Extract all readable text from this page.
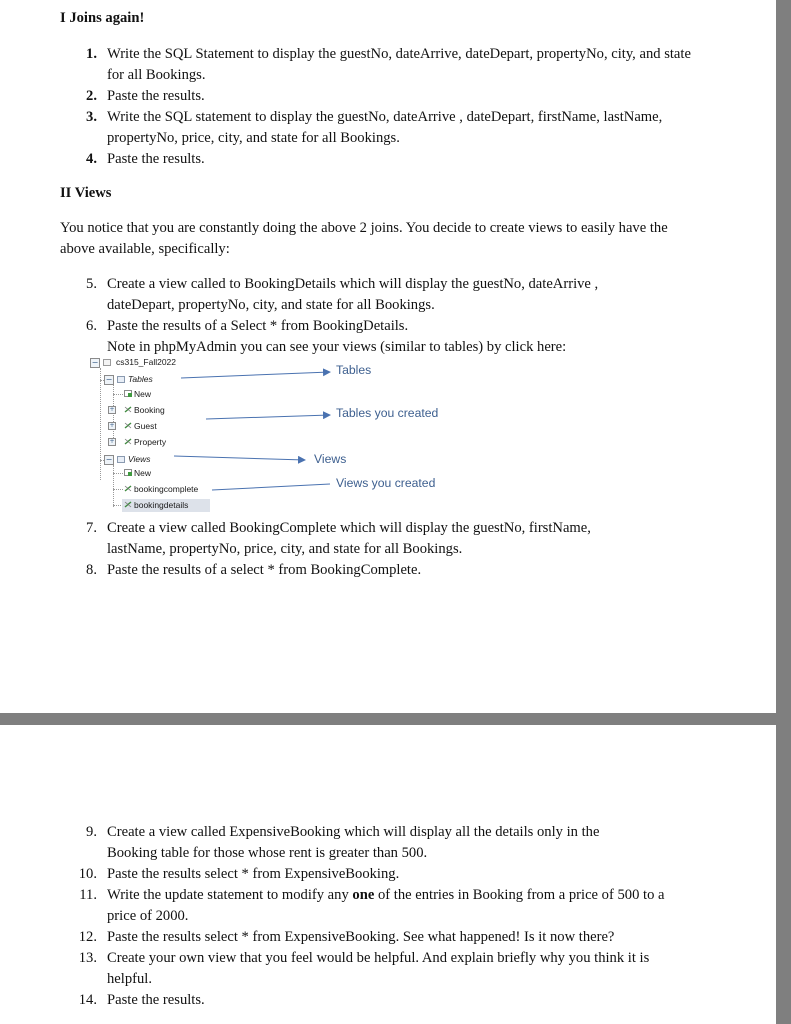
I Joins again!
1. Write the SQL Statement to display the guestNo, dateArrive, dateDepart, propertyNo, city, and state for all Bookings.
2. Paste the results.
3. Write the SQL statement to display the guestNo, dateArrive , dateDepart, firstName, lastName, propertyNo, price, city, and state for all Bookings.
4. Paste the results.
II Views
You notice that you are constantly doing the above 2 joins. You decide to create views to easily have the above available, specifically:
5. Create a view called to BookingDetails which will display the guestNo, dateArrive , dateDepart, propertyNo, city, and state for all Bookings.
6. Paste the results of a Select * from BookingDetails.
Note in phpMyAdmin you can see your views (similar to tables) by click here:
− cs315_Fall2022
− Tables
New
+ Booking
+ Guest
+ Property
− Views
New
bookingcomplete
bookingdetails
Tables
Tables you created
Views
Views you created
7. Create a view called BookingComplete which will display the guestNo, firstName, lastName, propertyNo, price, city, and state for all Bookings.
8. Paste the results of a select * from BookingComplete.
9. Create a view called ExpensiveBooking which will display all the details only in the Booking table for those whose rent is greater than 500.
10. Paste the results select * from ExpensiveBooking.
11. Write the update statement to modify any one of the entries in Booking from a price of 500 to a price of 2000.
12. Paste the results select * from ExpensiveBooking. See what happened! Is it now there?
13. Create your own view that you feel would be helpful. And explain briefly why you think it is helpful.
14. Paste the results.
